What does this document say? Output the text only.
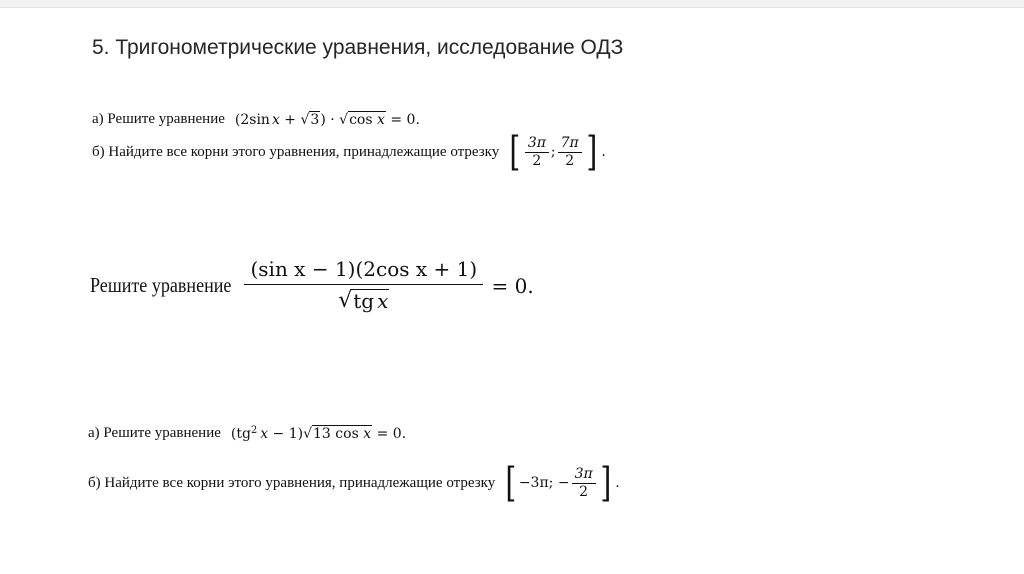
5. Тригонометрические уравнения, исследование ОДЗ
а) Решите уравнение (2 sin x + √ 3 ) · √ cos x = 0.
б) Найдите все корни этого уравнения, принадлежащие отрезку [ $\frac{3\pi}{2}$ ; $\frac{7\pi}{2}$ ] .
Решите уравнение $\frac{\text{(sin x − 1)(2cos x + 1)}}{\text{√ tg x}} = 0$.
а) Решите уравнение ($tg^2$ x − 1) √ 13 cos x = 0.
б) Найдите все корни этого уравнения, принадлежащие отрезку [ −3π; − $\frac{3\pi}{2}$ ] .
